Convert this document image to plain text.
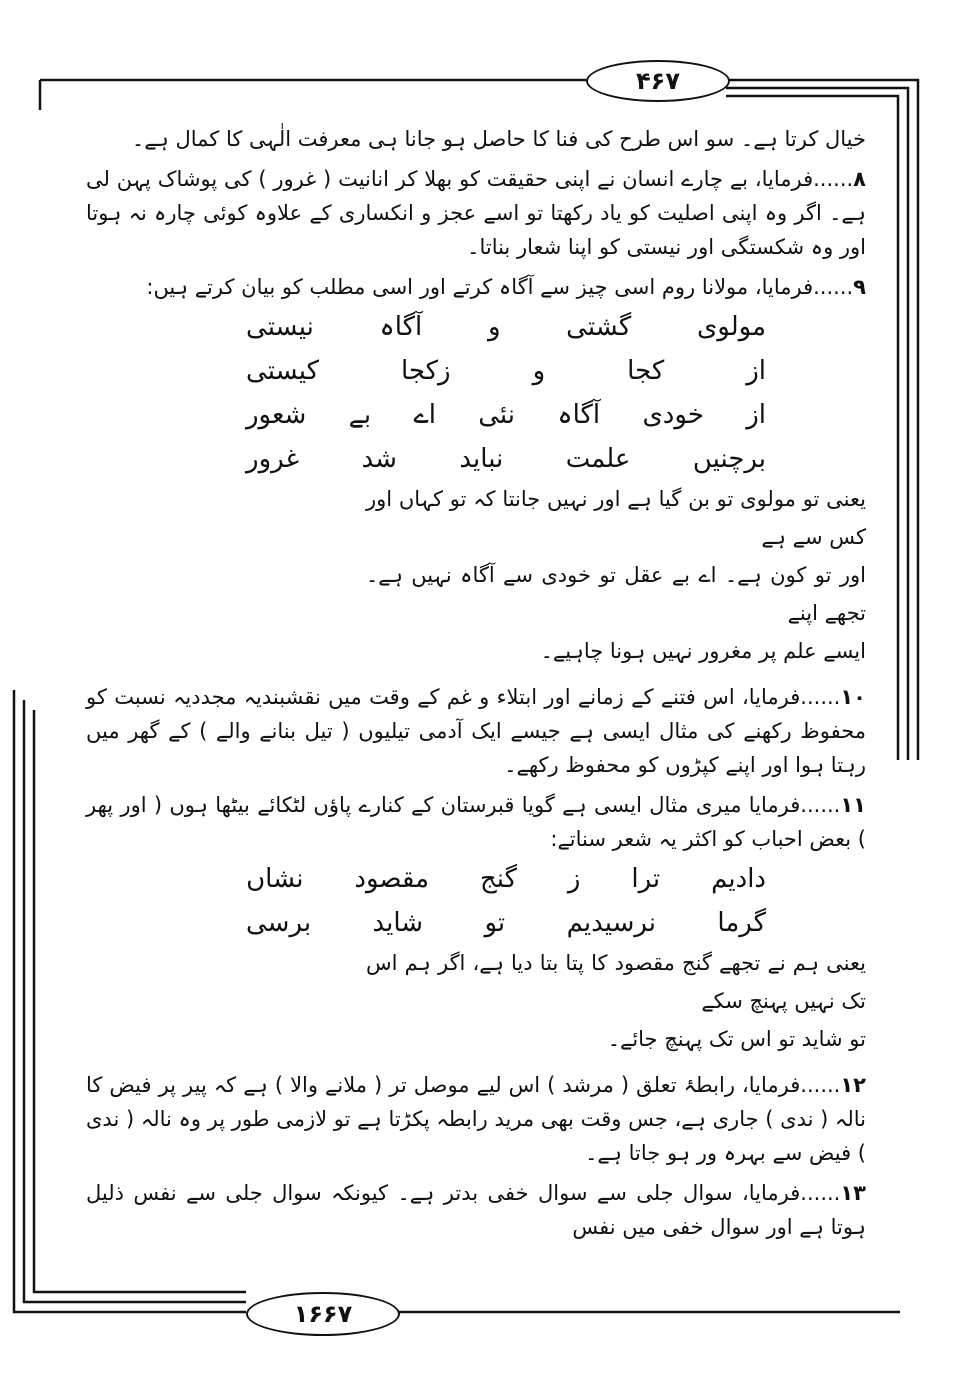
۴۶۷
۱۶۶۷

خیال کرتا ہے۔ سو اس طرح کی فنا کا حاصل ہو جانا ہی معرفت الٰہی کا کمال ہے۔

۸......فرمایا، بے چارے انسان نے اپنی حقیقت کو بھلا کر انانیت ( غرور ) کی پوشاک پہن لی ہے۔ اگر وہ اپنی اصلیت کو یاد رکھتا تو اسے عجز و انکساری کے علاوہ کوئی چارہ نہ ہوتا اور وہ شکستگی اور نیستی کو اپنا شعار بناتا۔

۹......فرمایا، مولانا روم اسی چیز سے آگاہ کرتے اور اسی مطلب کو بیان کرتے ہیں:

مولوی
گشتی
و
آگاہ
نیستی
از
کجا
و
زکجا
کیستی
از
خودی
آگاہ
نئی
اے
بے
شعور
برچنیں
علمت
نباید
شد
غرور
یعنی تو مولوی تو بن گیا ہے اور نہیں جانتا کہ تو کہاں اور کس سے ہے
اور تو کون ہے۔ اے بے عقل تو خودی سے آگاہ نہیں ہے۔ تجھے اپنے
ایسے علم پر مغرور نہیں ہونا چاہیے۔

۱۰......فرمایا، اس فتنے کے زمانے اور ابتلاء و غم کے وقت میں نقشبندیہ مجددیہ نسبت کو محفوظ رکھنے کی مثال ایسی ہے جیسے ایک آدمی تیلیوں ( تیل بنانے والے ) کے گھر میں رہتا ہوا اور اپنے کپڑوں کو محفوظ رکھے۔

۱۱......فرمایا میری مثال ایسی ہے گویا قبرستان کے کنارے پاؤں لٹکائے بیٹھا ہوں ( اور پھر ) بعض احباب کو اکثر یہ شعر سناتے:

دادیم
ترا
ز
گنج
مقصود
نشاں
گرما
نرسیدیم
تو
شاید
برسی
یعنی ہم نے تجھے گنج مقصود کا پتا بتا دیا ہے، اگر ہم اس تک نہیں پہنچ سکے
تو شاید تو اس تک پہنچ جائے۔

۱۲......فرمایا، رابطۂ تعلق ( مرشد ) اس لیے موصل تر ( ملانے والا ) ہے کہ پیر پر فیض کا نالہ ( ندی ) جاری ہے، جس وقت بھی مرید رابطہ پکڑتا ہے تو لازمی طور پر وہ نالہ ( ندی ) فیض سے بہرہ ور ہو جاتا ہے۔

۱۳......فرمایا، سوال جلی سے سوال خفی بدتر ہے۔ کیونکہ سوال جلی سے نفس ذلیل ہوتا ہے اور سوال خفی میں نفس
